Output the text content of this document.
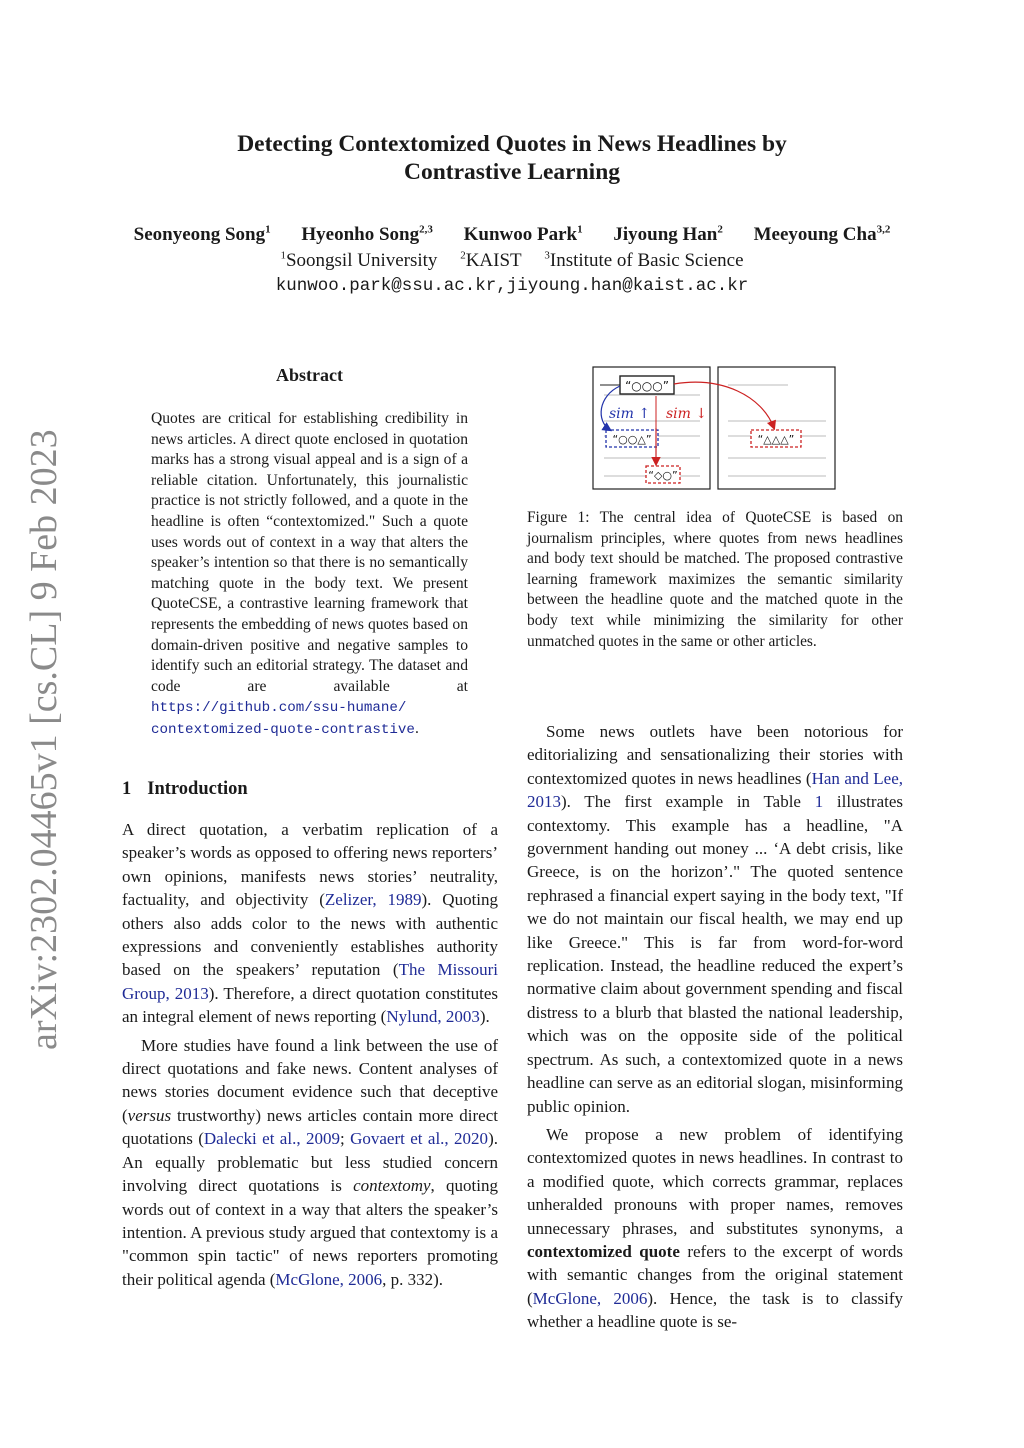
Detecting Contextomized Quotes in News Headlines by
Contrastive Learning
Seonyeong Song$^1$ Hyeonho Song$^{2,3}$ Kunwoo Park$^1$ Jiyoung Han$^2$ Meeyoung Cha$^{3,2}$
$^1$Soongsil University $^2$KAIST $^3$Institute of Basic Science
kunwoo.park@ssu.ac.kr,jiyoung.han@kaist.ac.kr
arXiv:2302.04465v1 [cs.CL] 9 Feb 2023
Abstract
Quotes are critical for establishing credibility in news articles. A direct quote enclosed in quotation marks has a strong visual appeal and is a sign of a reliable citation. Unfortunately, this journalistic practice is not strictly followed, and a quote in the headline is often “contextomized." Such a quote uses words out of context in a way that alters the speaker’s intention so that there is no semantically matching quote in the body text. We present QuoteCSE, a contrastive learning framework that represents the embedding of news quotes based on domain-driven positive and negative samples to identify such an editorial strategy. The dataset and code are available at https://github.com/ssu-humane/
contextomized-quote-contrastive.
“○○○”
sim ↑ sim ↓
“○○△”
“◇○”
“△△△”
Figure 1: The central idea of QuoteCSE is based on journalism principles, where quotes from news headlines and body text should be matched. The proposed contrastive learning framework maximizes the semantic similarity between the headline quote and the matched quote in the body text while minimizing the similarity for other unmatched quotes in the same or other articles.
1 Introduction

A direct quotation, a verbatim replication of a speaker’s words as opposed to offering news reporters’ own opinions, manifests news stories’ neutrality, factuality, and objectivity (Zelizer, 1989). Quoting others also adds color to the news with authentic expressions and conveniently establishes authority based on the speakers’ reputation (The Missouri Group, 2013). Therefore, a direct quotation constitutes an integral element of news reporting (Nylund, 2003).

More studies have found a link between the use of direct quotations and fake news. Content analyses of news stories document evidence such that deceptive (versus trustworthy) news articles contain more direct quotations (Dalecki et al., 2009; Govaert et al., 2020). An equally problematic but less studied concern involving direct quotations is contextomy, quoting words out of context in a way that alters the speaker’s intention. A previous study argued that contextomy is a "common spin tactic" of news reporters promoting their political agenda (McGlone, 2006, p. 332).

Some news outlets have been notorious for editorializing and sensationalizing their stories with contextomized quotes in news headlines (Han and Lee, 2013). The first example in Table 1 illustrates contextomy. This example has a headline, "A government handing out money ... ‘A debt crisis, like Greece, is on the horizon’." The quoted sentence rephrased a financial expert saying in the body text, "If we do not maintain our fiscal health, we may end up like Greece." This is far from word-for-word replication. Instead, the headline reduced the expert’s normative claim about government spending and fiscal distress to a blurb that blasted the national leadership, which was on the opposite side of the political spectrum. As such, a contextomized quote in a news headline can serve as an editorial slogan, misinforming public opinion.

We propose a new problem of identifying contextomized quotes in news headlines. In contrast to a modified quote, which corrects grammar, replaces unheralded pronouns with proper names, removes unnecessary phrases, and substitutes synonyms, a contextomized quote refers to the excerpt of words with semantic changes from the original statement (McGlone, 2006). Hence, the task is to classify whether a headline quote is se-
